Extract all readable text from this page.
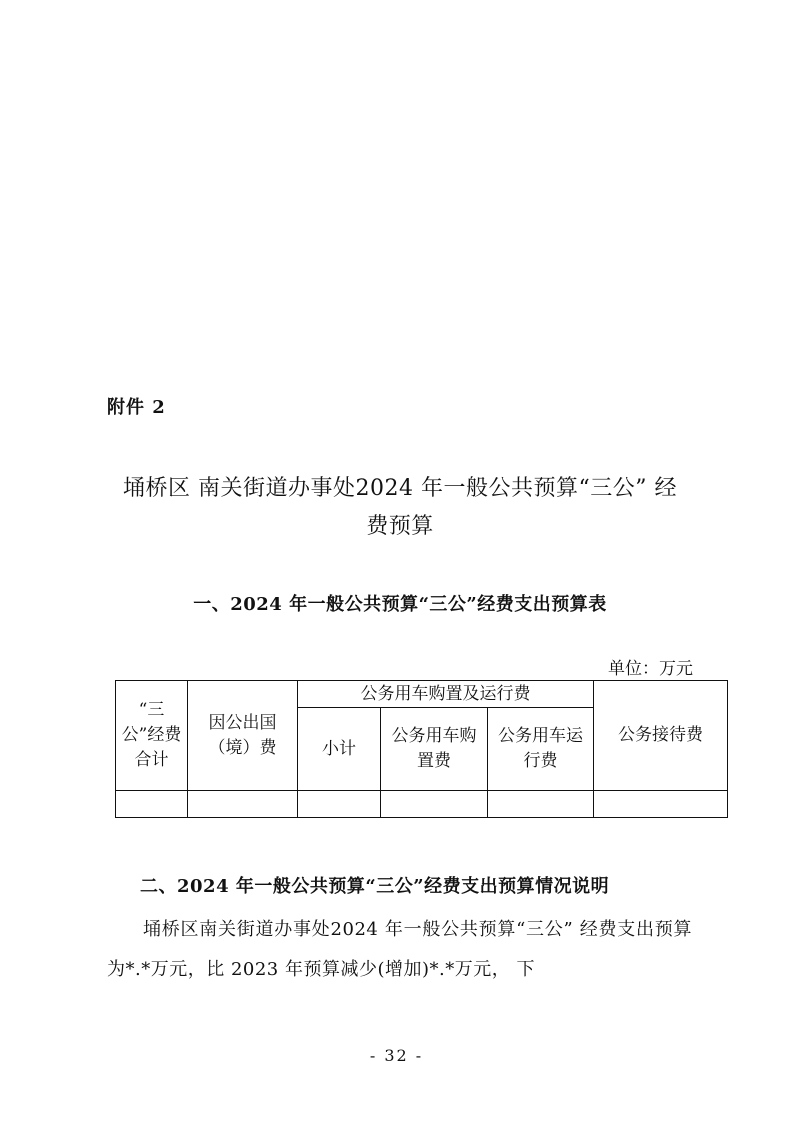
附件 2
埇桥区 南关街道办事处2024 年一般公共预算“三公” 经
费预算
一、2024 年一般公共预算“三公”经费支出预算表
单位：万元
“三公”经费合计	因公出国（境）费	公务用车购置及运行费			公务接待费
		小计	公务用车购置费	公务用车运行费	

二、2024 年一般公共预算“三公”经费支出预算情况说明
埇桥区南关街道办事处2024 年一般公共预算“三公” 经费支出预算为*.*万元，比 2023 年预算减少(增加)*.*万元， 下
- 32 -
